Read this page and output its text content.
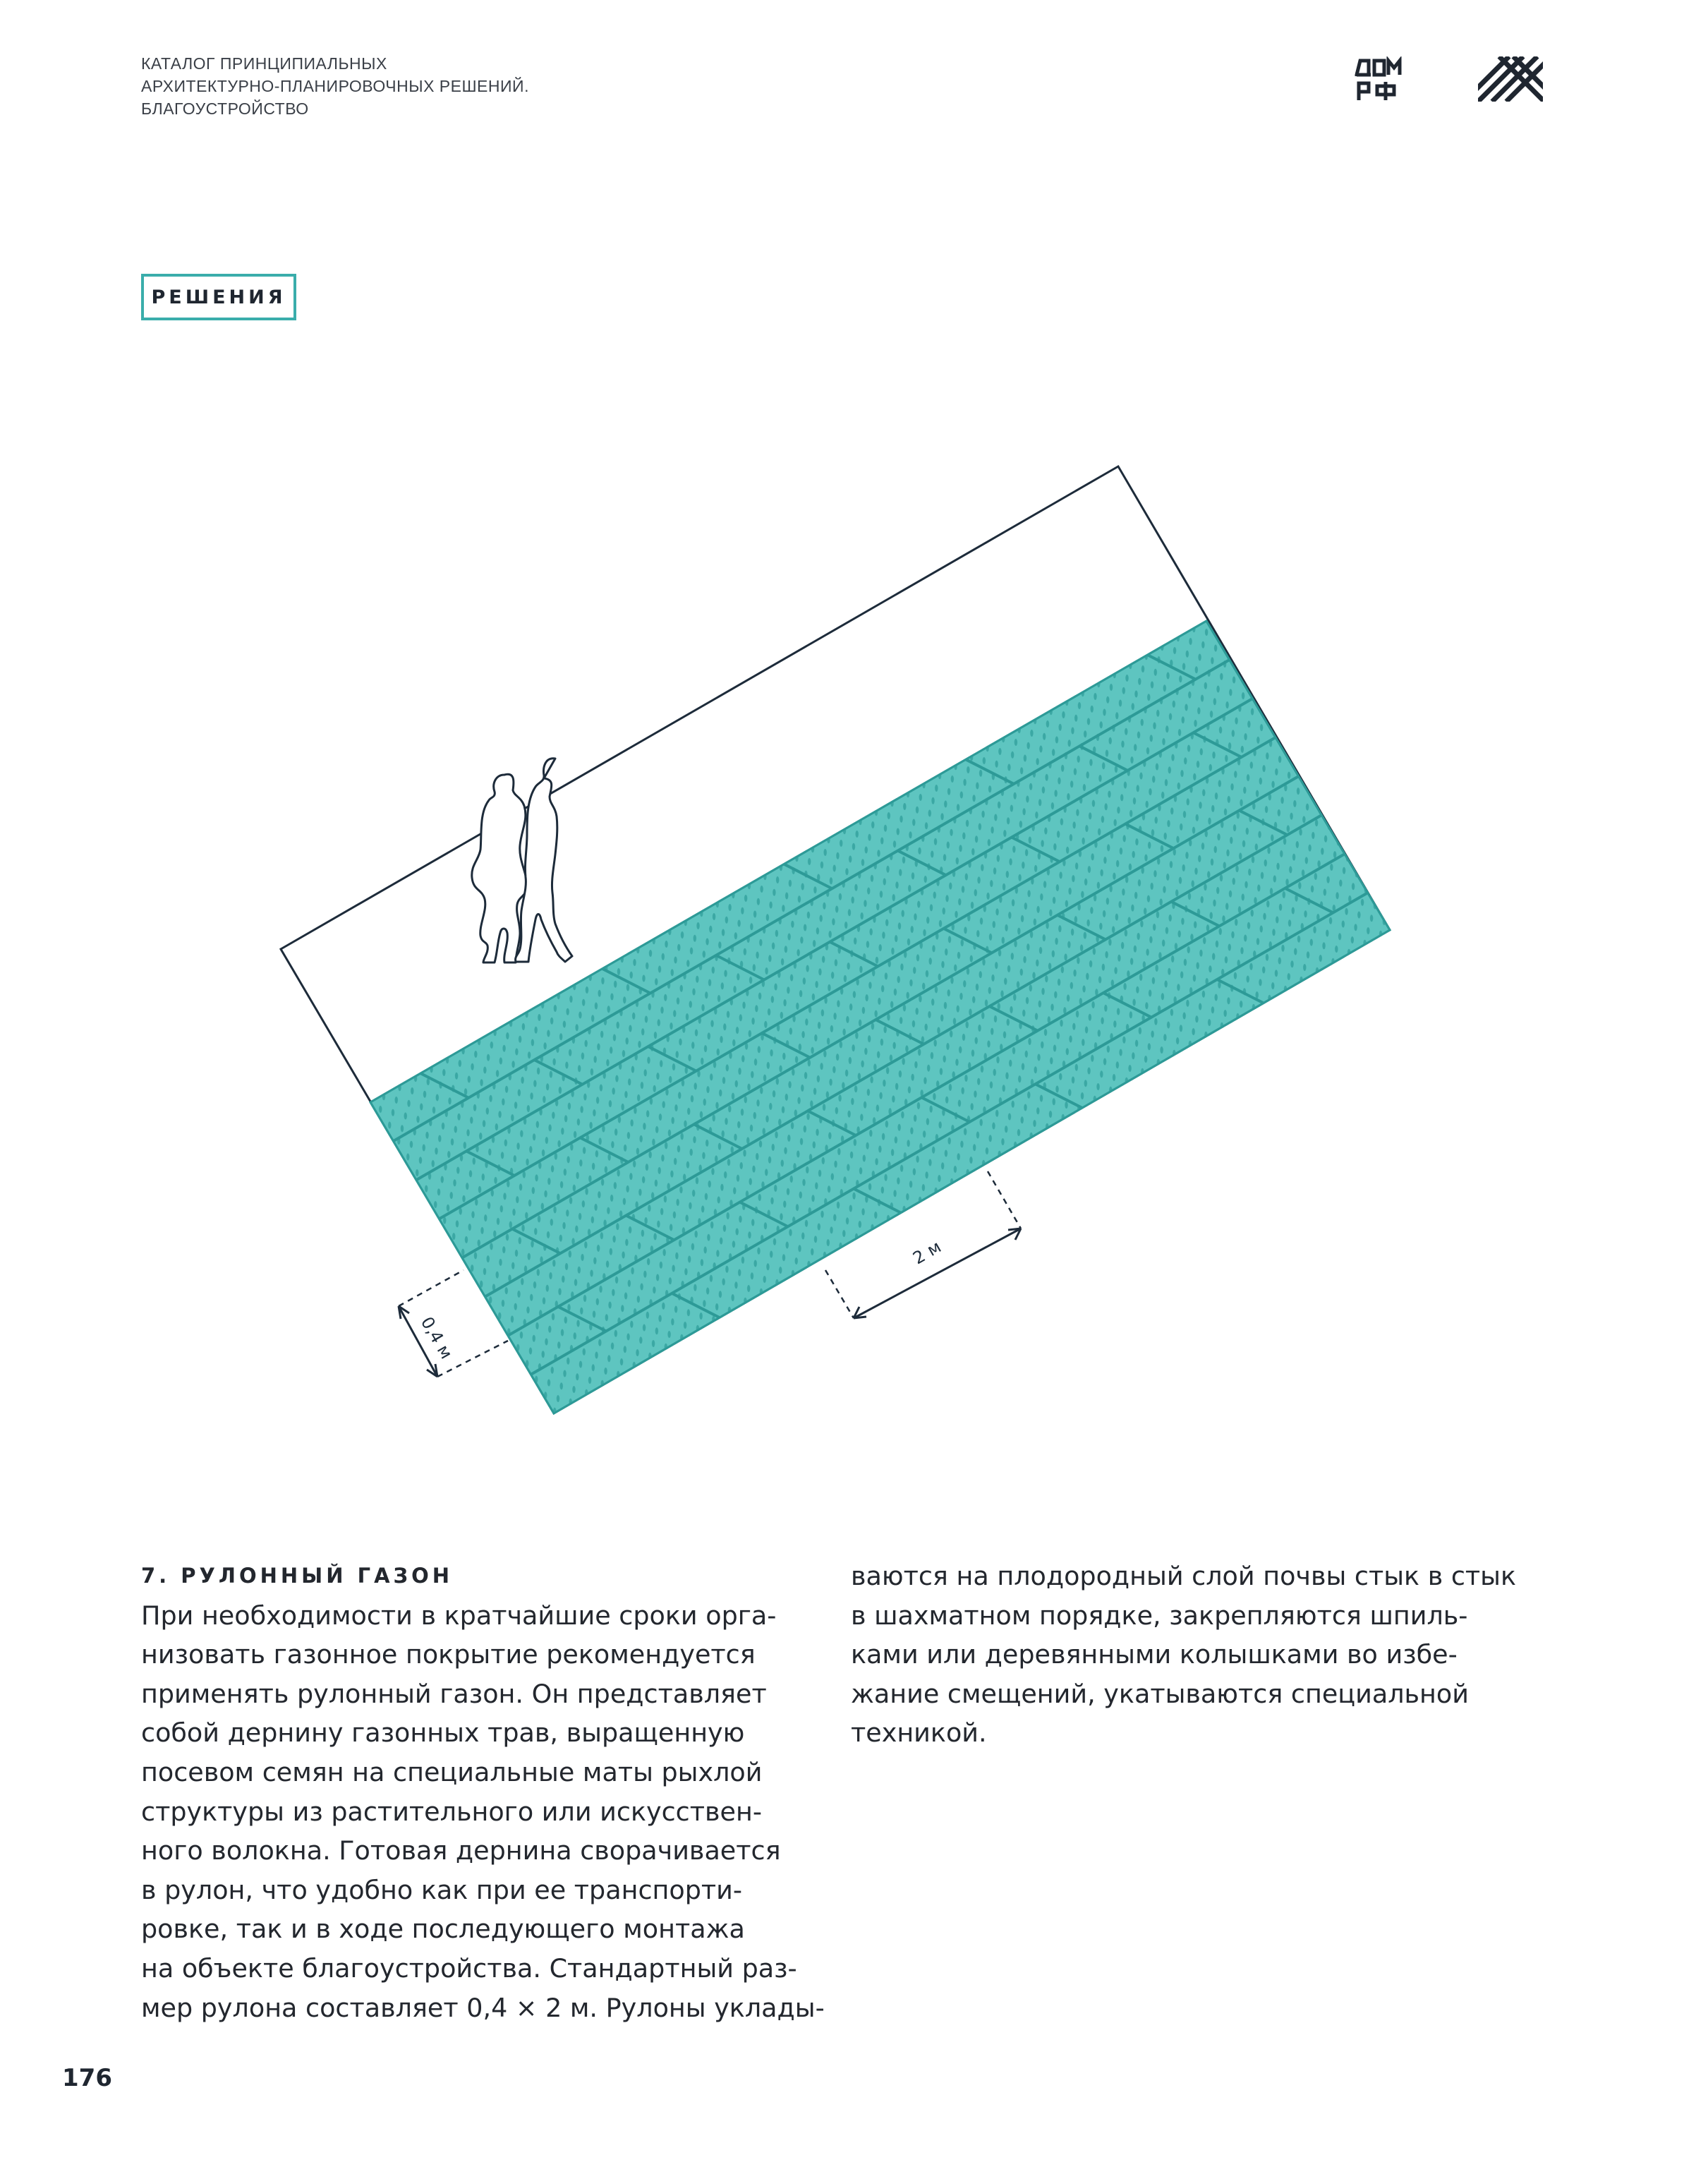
КАТАЛОГ ПРИНЦИПИАЛЬНЫХ
АРХИТЕКТУРНО-ПЛАНИРОВОЧНЫХ РЕШЕНИЙ.
БЛАГОУСТРОЙСТВО
РЕШЕНИЯ
2 м
0,4 м
7. РУЛОННЫЙ ГАЗОН
При необходимости в кратчайшие сроки орга-
низовать газонное покрытие рекомендуется
применять рулонный газон. Он представляет
собой дернину газонных трав, выращенную
посевом семян на специальные маты рыхлой
структуры из растительного или искусствен-
ного волокна. Готовая дернина сворачивается
в рулон, что удобно как при ее транспорти-
ровке, так и в ходе последующего монтажа
на объекте благоустройства. Стандартный раз-
мер рулона составляет 0,4 × 2 м. Рулоны уклады-
ваются на плодородный слой почвы стык в стык
в шахматном порядке, закрепляются шпиль-
ками или деревянными колышками во избе-
жание смещений, укатываются специальной
техникой.
176
